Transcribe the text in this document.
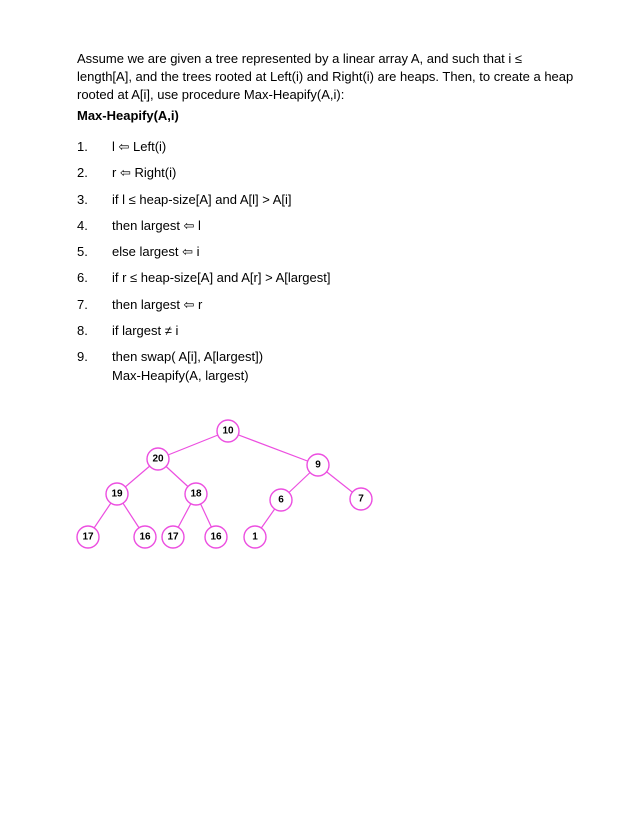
Assume we are given a tree represented by a linear array A, and such that i ≤ length[A], and the trees rooted at Left(i) and Right(i) are heaps. Then, to create a heap rooted at A[i], use procedure Max-Heapify(A,i):

Max-Heapify(A,i)

1.	l ⇦ Left(i)
2.	r ⇦ Right(i)
3.	if l ≤ heap-size[A] and A[l] > A[i]
4.	then largest ⇦ l
5.	else largest ⇦ i
6.	if r ≤ heap-size[A] and A[r] > A[largest]
7.	then largest ⇦ r
8.	if largest ≠ i
9.	then swap( A[i], A[largest])
Max-Heapify(A, largest)
10
20
9
19	18
6	7
17	16 17	16	1
